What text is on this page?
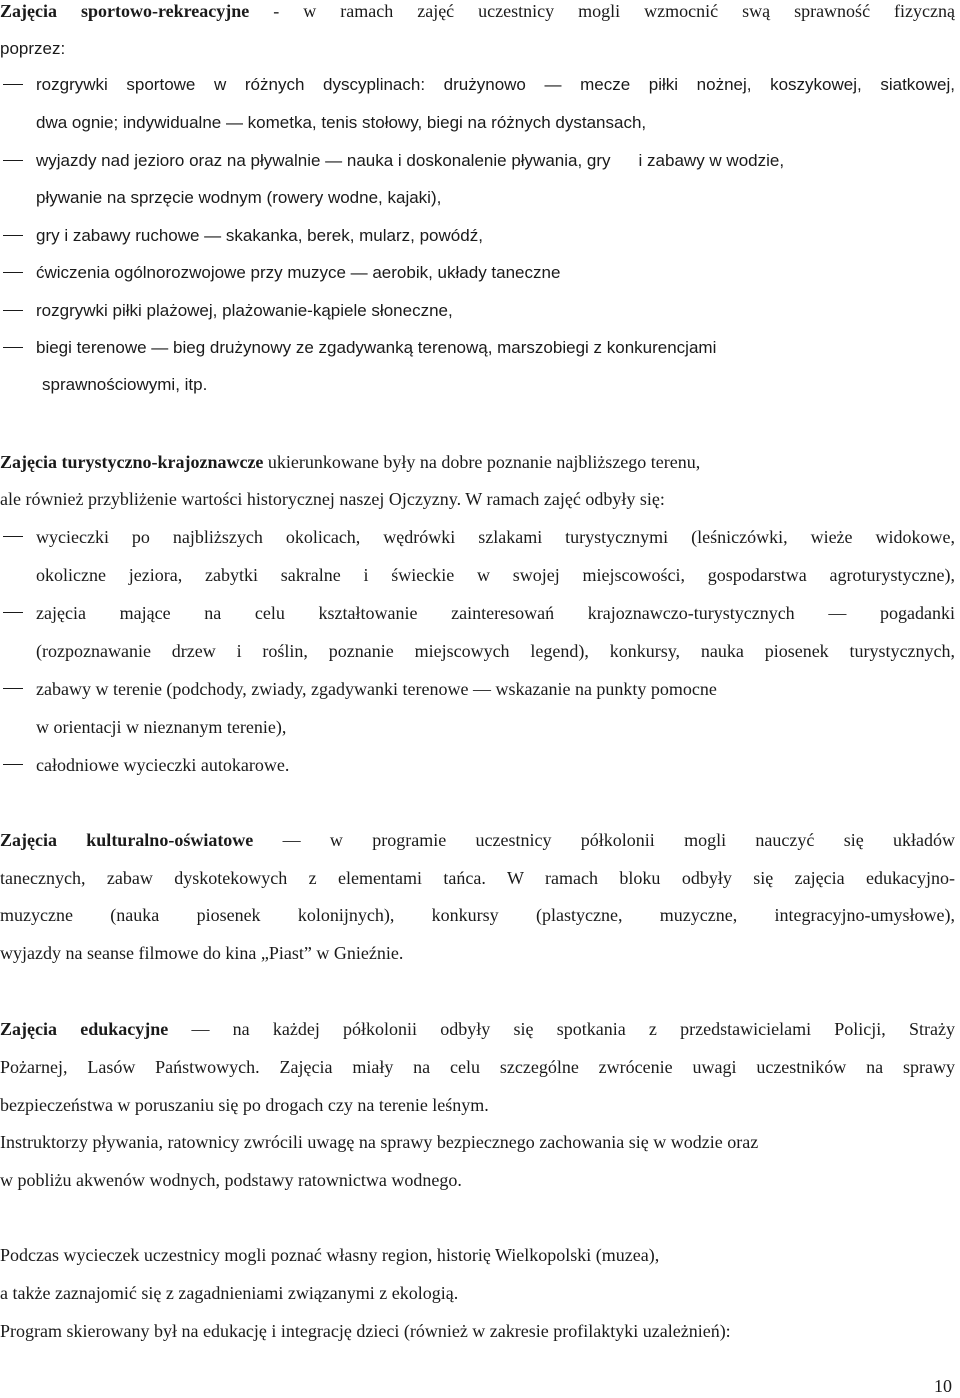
Zajęcia sportowo-rekreacyjne - w ramach zajęć uczestnicy mogli wzmocnić swą sprawność fizyczną
poprzez:
rozgrywki sportowe w różnych dyscyplinach: drużynowo ― mecze piłki nożnej, koszykowej, siatkowej,
dwa ognie; indywidualne ― kometka, tenis stołowy, biegi na różnych dystansach,
wyjazdy nad jezioro oraz na pływalnie ― nauka i doskonalenie pływania, gry i zabawy w wodzie,
pływanie na sprzęcie wodnym (rowery wodne, kajaki),
gry i zabawy ruchowe ― skakanka, berek, mularz, powódź,
ćwiczenia ogólnorozwojowe przy muzyce ― aerobik, układy taneczne
rozgrywki piłki plażowej, plażowanie-kąpiele słoneczne,
biegi terenowe ― bieg drużynowy ze zgadywanką terenową, marszobiegi z konkurencjami
sprawnościowymi, itp.
Zajęcia turystyczno-krajoznawcze ukierunkowane były na dobre poznanie najbliższego terenu,
ale również przybliżenie wartości historycznej naszej Ojczyzny. W ramach zajęć odbyły się:
wycieczki po najbliższych okolicach, wędrówki szlakami turystycznymi (leśniczówki, wieże widokowe,
okoliczne jeziora, zabytki sakralne i świeckie w swojej miejscowości, gospodarstwa agroturystyczne),
zajęcia mające na celu kształtowanie zainteresowań krajoznawczo-turystycznych ― pogadanki
(rozpoznawanie drzew i roślin, poznanie miejscowych legend), konkursy, nauka piosenek turystycznych,
zabawy w terenie (podchody, zwiady, zgadywanki terenowe ― wskazanie na punkty pomocne
w orientacji w nieznanym terenie),
całodniowe wycieczki autokarowe.
Zajęcia kulturalno-oświatowe ― w programie uczestnicy półkolonii mogli nauczyć się układów
tanecznych, zabaw dyskotekowych z elementami tańca. W ramach bloku odbyły się zajęcia edukacyjno-
muzyczne (nauka piosenek kolonijnych), konkursy (plastyczne, muzyczne, integracyjno-umysłowe),
wyjazdy na seanse filmowe do kina „Piast” w Gnieźnie.
Zajęcia edukacyjne ― na każdej półkolonii odbyły się spotkania z przedstawicielami Policji, Straży
Pożarnej, Lasów Państwowych. Zajęcia miały na celu szczególne zwrócenie uwagi uczestników na sprawy
bezpieczeństwa w poruszaniu się po drogach czy na terenie leśnym.
Instruktorzy pływania, ratownicy zwrócili uwagę na sprawy bezpiecznego zachowania się w wodzie oraz
w pobliżu akwenów wodnych, podstawy ratownictwa wodnego.
Podczas wycieczek uczestnicy mogli poznać własny region, historię Wielkopolski (muzea),
a także zaznajomić się z zagadnieniami związanymi z ekologią.
Program skierowany był na edukację i integrację dzieci (również w zakresie profilaktyki uzależnień):
10
